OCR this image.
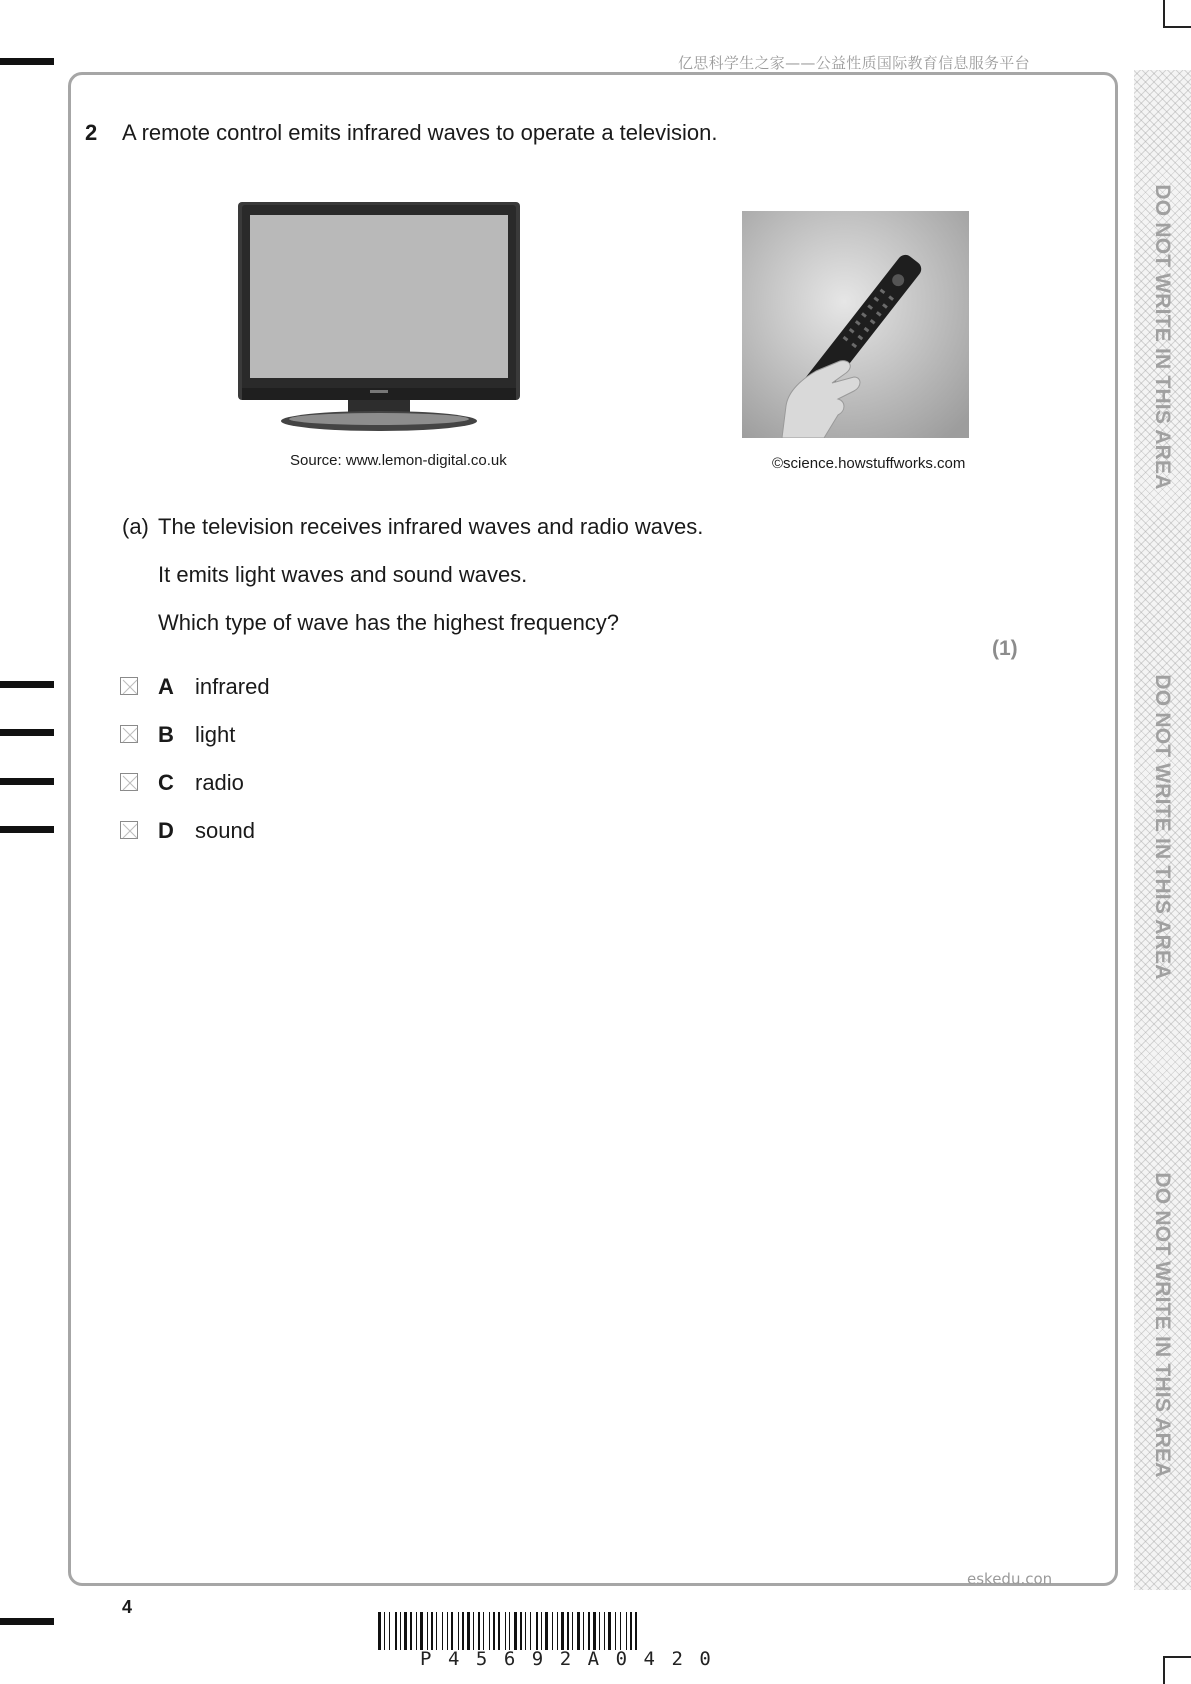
亿思科学生之家——公益性质国际教育信息服务平台
DO NOT WRITE IN THIS AREA
DO NOT WRITE IN THIS AREA
DO NOT WRITE IN THIS AREA
2 A remote control emits infrared waves to operate a television.
Source: www.lemon-digital.co.uk	©science.howstuffworks.com
(a) The television receives infrared waves and radio waves.
It emits light waves and sound waves.
Which type of wave has the highest frequency?
(1)
A infrared
B light
C radio
D sound
eskedu.con
4
P45692A0420
